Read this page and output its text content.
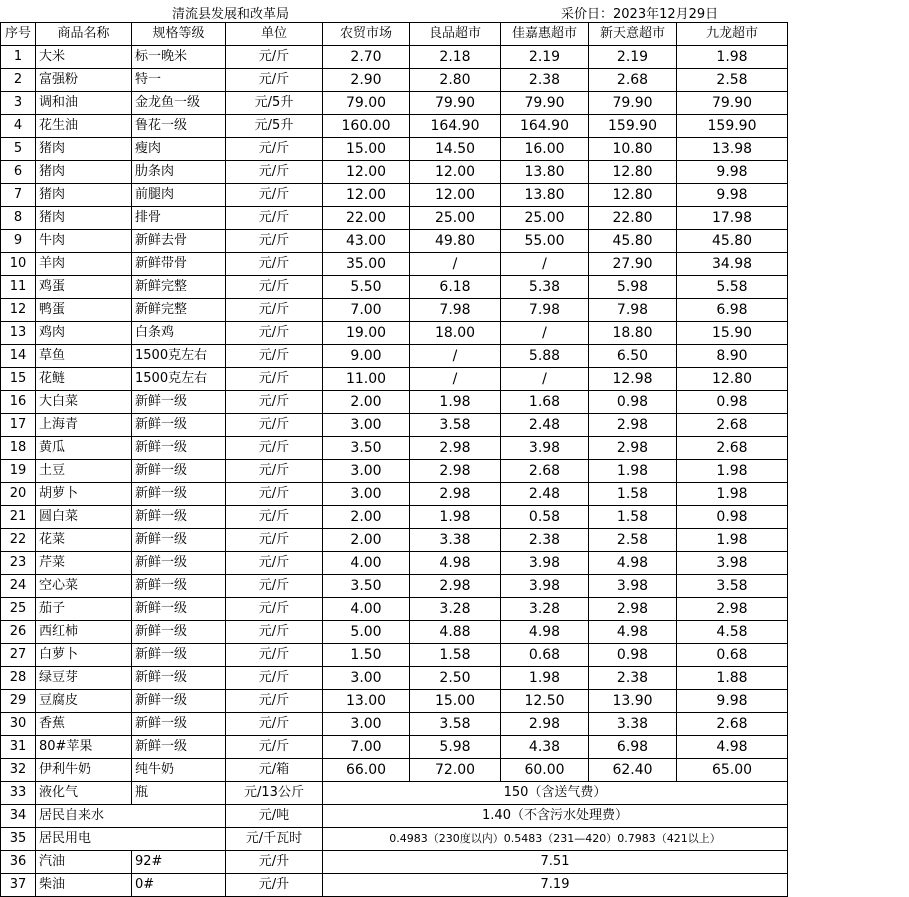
清流县发展和改革局	采价日：2023年12月29日
序号	商品名称	规格等级	单位	农贸市场	良品超市	佳嘉惠超市	新天意超市	九龙超市
1	大米	标一晚米	元/斤	2.70	2.18	2.19	2.19	1.98
2	富强粉	特一	元/斤	2.90	2.80	2.38	2.68	2.58
3	调和油	金龙鱼一级	元/5升	79.00	79.90	79.90	79.90	79.90
4	花生油	鲁花一级	元/5升	160.00	164.90	164.90	159.90	159.90
5	猪肉	瘦肉	元/斤	15.00	14.50	16.00	10.80	13.98
6	猪肉	肋条肉	元/斤	12.00	12.00	13.80	12.80	9.98
7	猪肉	前腿肉	元/斤	12.00	12.00	13.80	12.80	9.98
8	猪肉	排骨	元/斤	22.00	25.00	25.00	22.80	17.98
9	牛肉	新鲜去骨	元/斤	43.00	49.80	55.00	45.80	45.80
10	羊肉	新鲜带骨	元/斤	35.00	/	/	27.90	34.98
11	鸡蛋	新鲜完整	元/斤	5.50	6.18	5.38	5.98	5.58
12	鸭蛋	新鲜完整	元/斤	7.00	7.98	7.98	7.98	6.98
13	鸡肉	白条鸡	元/斤	19.00	18.00	/	18.80	15.90
14	草鱼	1500克左右	元/斤	9.00	/	5.88	6.50	8.90
15	花鲢	1500克左右	元/斤	11.00	/	/	12.98	12.80
16	大白菜	新鲜一级	元/斤	2.00	1.98	1.68	0.98	0.98
17	上海青	新鲜一级	元/斤	3.00	3.58	2.48	2.98	2.68
18	黄瓜	新鲜一级	元/斤	3.50	2.98	3.98	2.98	2.68
19	土豆	新鲜一级	元/斤	3.00	2.98	2.68	1.98	1.98
20	胡萝卜	新鲜一级	元/斤	3.00	2.98	2.48	1.58	1.98
21	圆白菜	新鲜一级	元/斤	2.00	1.98	0.58	1.58	0.98
22	花菜	新鲜一级	元/斤	2.00	3.38	2.38	2.58	1.98
23	芹菜	新鲜一级	元/斤	4.00	4.98	3.98	4.98	3.98
24	空心菜	新鲜一级	元/斤	3.50	2.98	3.98	3.98	3.58
25	茄子	新鲜一级	元/斤	4.00	3.28	3.28	2.98	2.98
26	西红柿	新鲜一级	元/斤	5.00	4.88	4.98	4.98	4.58
27	白萝卜	新鲜一级	元/斤	1.50	1.58	0.68	0.98	0.68
28	绿豆芽	新鲜一级	元/斤	3.00	2.50	1.98	2.38	1.88
29	豆腐皮	新鲜一级	元/斤	13.00	15.00	12.50	13.90	9.98
30	香蕉	新鲜一级	元/斤	3.00	3.58	2.98	3.38	2.68
31	80#苹果	新鲜一级	元/斤	7.00	5.98	4.38	6.98	4.98
32	伊利牛奶	纯牛奶	元/箱	66.00	72.00	60.00	62.40	65.00
33	液化气	瓶	元/13公斤	150（含送气费）				
34	居民自来水		元/吨	1.40（不含污水处理费）				
35	居民用电		元/千瓦时	0.4983（230度以内）0.5483（231—420）0.7983（421以上）				
36	汽油	92#	元/升	7.51				
37	柴油	0#	元/升	7.19				
